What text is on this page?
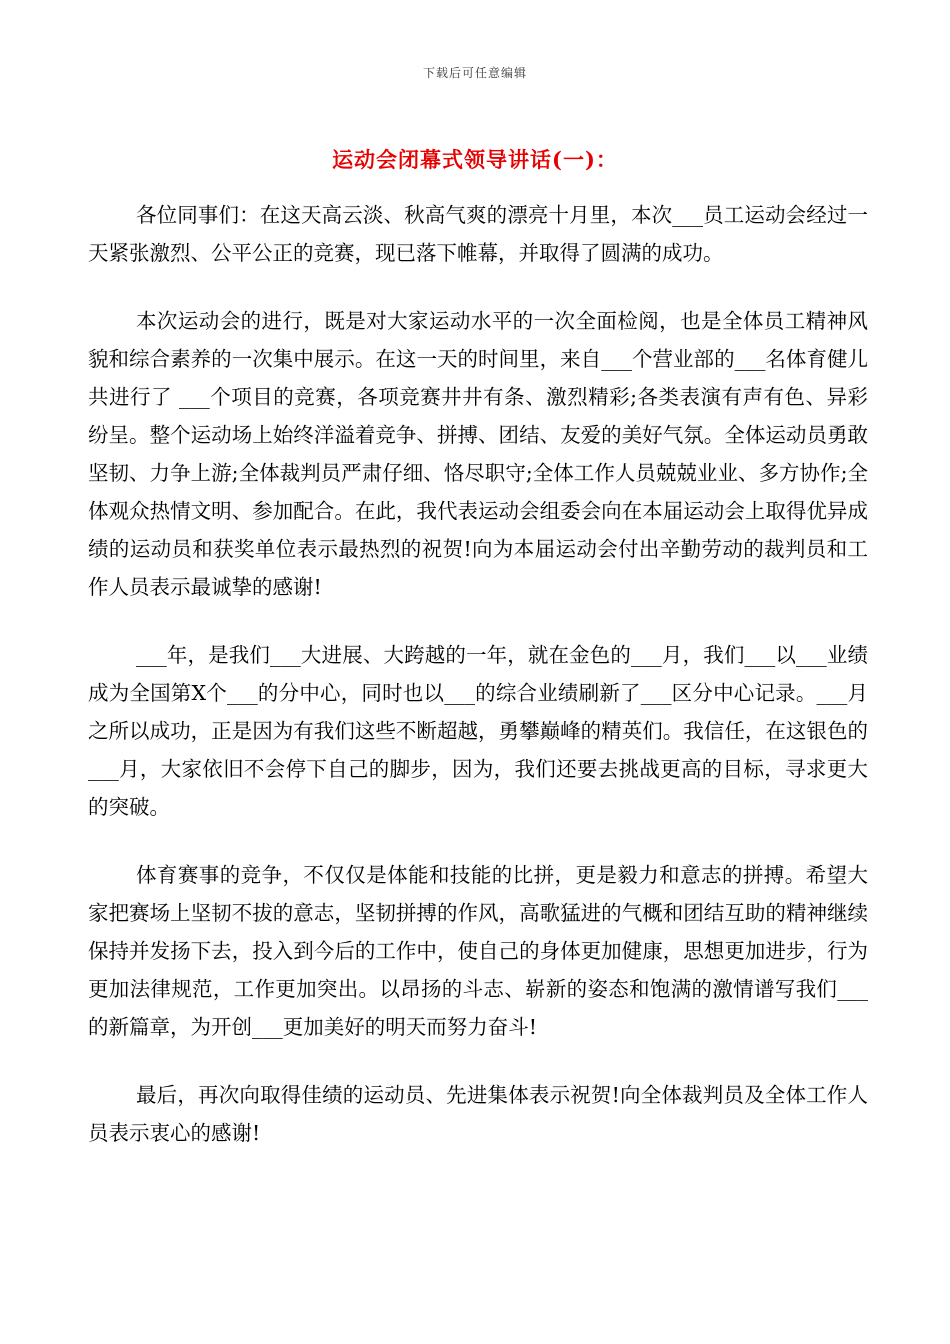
下载后可任意编辑
运动会闭幕式领导讲话(一)：

各位同事们：在这天高云淡、秋高气爽的漂亮十月里，本次___员工运动会经过一天紧张激烈、公平公正的竞赛，现已落下帷幕，并取得了圆满的成功。

本次运动会的进行，既是对大家运动水平的一次全面检阅，也是全体员工精神风貌和综合素养的一次集中展示。在这一天的时间里，来自___个营业部的___名体育健儿共进行了 ___个项目的竞赛，各项竞赛井井有条、激烈精彩;各类表演有声有色、异彩纷呈。整个运动场上始终洋溢着竞争、拼搏、团结、友爱的美好气氛。全体运动员勇敢坚韧、力争上游;全体裁判员严肃仔细、恪尽职守;全体工作人员兢兢业业、多方协作;全体观众热情文明、参加配合。在此，我代表运动会组委会向在本届运动会上取得优异成绩的运动员和获奖单位表示最热烈的祝贺!向为本届运动会付出辛勤劳动的裁判员和工作人员表示最诚挚的感谢!

___年，是我们___大进展、大跨越的一年，就在金色的___月，我们___以___业绩成为全国第X个___的分中心，同时也以___的综合业绩刷新了___区分中心记录。___月之所以成功，正是因为有我们这些不断超越，勇攀巅峰的精英们。我信任，在这银色的___月，大家依旧不会停下自己的脚步，因为，我们还要去挑战更高的目标，寻求更大的突破。

体育赛事的竞争，不仅仅是体能和技能的比拼，更是毅力和意志的拼搏。希望大家把赛场上坚韧不拔的意志，坚韧拼搏的作风，高歌猛进的气概和团结互助的精神继续保持并发扬下去，投入到今后的工作中，使自己的身体更加健康，思想更加进步，行为更加法律规范，工作更加突出。以昂扬的斗志、崭新的姿态和饱满的激情谱写我们___的新篇章，为开创___更加美好的明天而努力奋斗!

最后，再次向取得佳绩的运动员、先进集体表示祝贺!向全体裁判员及全体工作人员表示衷心的感谢!
